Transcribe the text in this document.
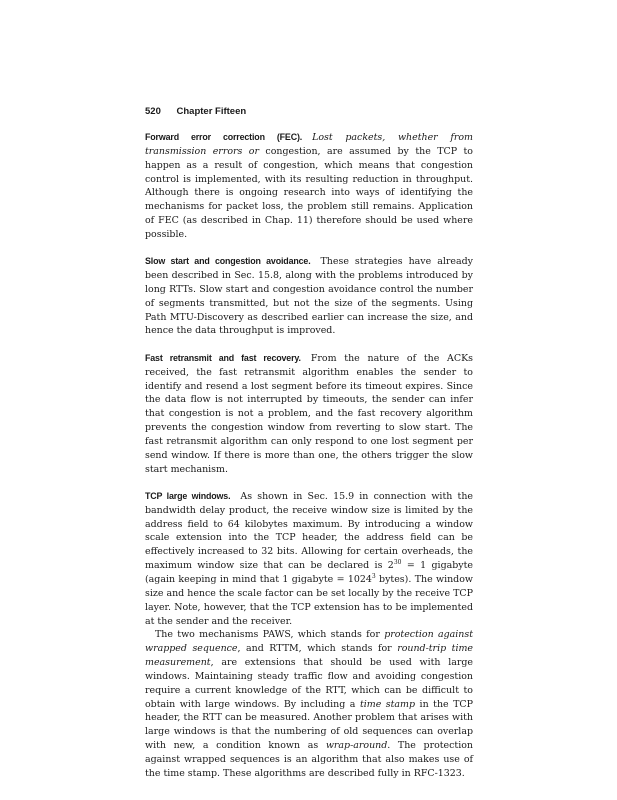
520 Chapter Fifteen

Forward error correction (FEC). Lost packets, whether from transmission errors or congestion, are assumed by the TCP to happen as a result of congestion, which means that congestion control is implemented, with its resulting reduction in throughput. Although there is ongoing research into ways of identifying the mechanisms for packet loss, the problem still remains. Application of FEC (as described in Chap. 11) therefore should be used where possible.

Slow start and congestion avoidance. These strategies have already been described in Sec. 15.8, along with the problems introduced by long RTTs. Slow start and congestion avoidance control the number of segments transmitted, but not the size of the segments. Using Path MTU-Discovery as described earlier can increase the size, and hence the data throughput is improved.

Fast retransmit and fast recovery. From the nature of the ACKs received, the fast retransmit algorithm enables the sender to identify and resend a lost segment before its timeout expires. Since the data flow is not interrupted by timeouts, the sender can infer that congestion is not a problem, and the fast recovery algorithm prevents the congestion window from reverting to slow start. The fast retransmit algorithm can only respond to one lost segment per send window. If there is more than one, the others trigger the slow start mechanism.

TCP large windows. As shown in Sec. 15.9 in connection with the bandwidth delay product, the receive window size is limited by the address field to 64 kilobytes maximum. By introducing a window scale extension into the TCP header, the address field can be effectively increased to 32 bits. Allowing for certain overheads, the maximum window size that can be declared is $2^{30} = 1$ gigabyte (again keeping in mind that 1 gigabyte = $1024^3$ bytes). The window size and hence the scale factor can be set locally by the receive TCP layer. Note, however, that the TCP extension has to be implemented at the sender and the receiver.

The two mechanisms PAWS, which stands for protection against wrapped sequence, and RTTM, which stands for round-trip time measurement, are extensions that should be used with large windows. Maintaining steady traffic flow and avoiding congestion require a current knowledge of the RTT, which can be difficult to obtain with large windows. By including a time stamp in the TCP header, the RTT can be measured. Another problem that arises with large windows is that the numbering of old sequences can overlap with new, a condition known as wrap-around. The protection against wrapped sequences is an algorithm that also makes use of the time stamp. These algorithms are described fully in RFC-1323.
